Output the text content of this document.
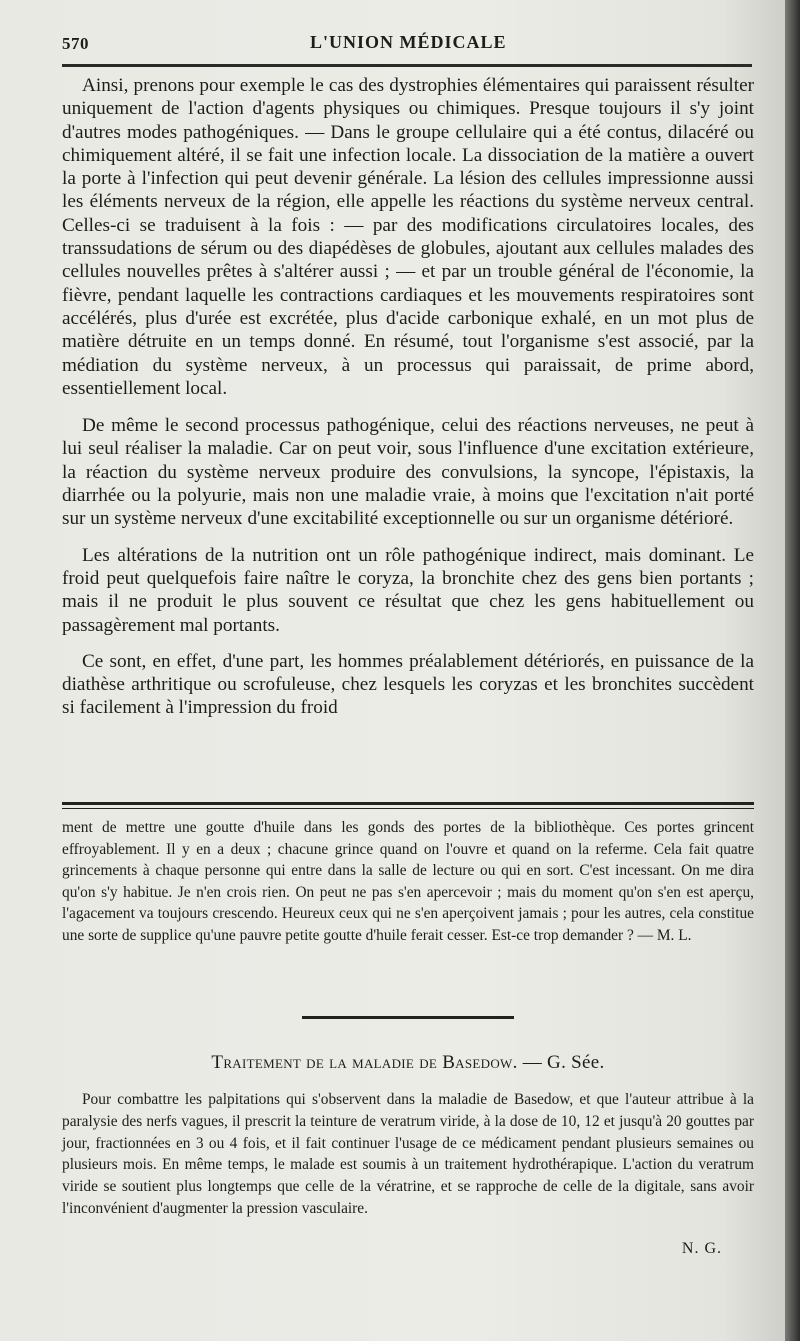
570	L'UNION MÉDICALE

Ainsi, prenons pour exemple le cas des dystrophies élémentaires qui paraissent résulter uniquement de l'action d'agents physiques ou chimiques. Presque toujours il s'y joint d'autres modes pathogéniques. — Dans le groupe cellulaire qui a été contus, dilacéré ou chimiquement altéré, il se fait une infection locale. La dissociation de la matière a ouvert la porte à l'infection qui peut devenir générale. La lésion des cellules impressionne aussi les éléments nerveux de la région, elle appelle les réactions du système nerveux central. Celles-ci se traduisent à la fois : — par des modifications circulatoires locales, des transsudations de sérum ou des diapédèses de globules, ajoutant aux cellules malades des cellules nouvelles prêtes à s'altérer aussi ; — et par un trouble général de l'économie, la fièvre, pendant laquelle les contractions cardiaques et les mouvements respiratoires sont accélérés, plus d'urée est excrétée, plus d'acide carbonique exhalé, en un mot plus de matière détruite en un temps donné. En résumé, tout l'organisme s'est associé, par la médiation du système nerveux, à un processus qui paraissait, de prime abord, essentiellement local.

De même le second processus pathogénique, celui des réactions nerveuses, ne peut à lui seul réaliser la maladie. Car on peut voir, sous l'influence d'une excitation extérieure, la réaction du système nerveux produire des convulsions, la syncope, l'épistaxis, la diarrhée ou la polyurie, mais non une maladie vraie, à moins que l'excitation n'ait porté sur un système nerveux d'une excitabilité exceptionnelle ou sur un organisme détérioré.

Les altérations de la nutrition ont un rôle pathogénique indirect, mais dominant. Le froid peut quelquefois faire naître le coryza, la bronchite chez des gens bien portants ; mais il ne produit le plus souvent ce résultat que chez les gens habituellement ou passagèrement mal portants.

Ce sont, en effet, d'une part, les hommes préalablement détériorés, en puissance de la diathèse arthritique ou scrofuleuse, chez lesquels les coryzas et les bronchites succèdent si facilement à l'impression du froid

ment de mettre une goutte d'huile dans les gonds des portes de la bibliothèque. Ces portes grincent effroyablement. Il y en a deux ; chacune grince quand on l'ouvre et quand on la referme. Cela fait quatre grincements à chaque personne qui entre dans la salle de lecture ou qui en sort. C'est incessant. On me dira qu'on s'y habitue. Je n'en crois rien. On peut ne pas s'en apercevoir ; mais du moment qu'on s'en est aperçu, l'agacement va toujours crescendo. Heureux ceux qui ne s'en aperçoivent jamais ; pour les autres, cela constitue une sorte de supplice qu'une pauvre petite goutte d'huile ferait cesser. Est-ce trop demander ? — M. L.

Traitement de la maladie de Basedow. — G. Sée.

Pour combattre les palpitations qui s'observent dans la maladie de Basedow, et que l'auteur attribue à la paralysie des nerfs vagues, il prescrit la teinture de veratrum viride, à la dose de 10, 12 et jusqu'à 20 gouttes par jour, fractionnées en 3 ou 4 fois, et il fait continuer l'usage de ce médicament pendant plusieurs semaines ou plusieurs mois. En même temps, le malade est soumis à un traitement hydrothérapique. L'action du veratrum viride se soutient plus longtemps que celle de la vératrine, et se rapproche de celle de la digitale, sans avoir l'inconvénient d'augmenter la pression vasculaire.

N. G.
